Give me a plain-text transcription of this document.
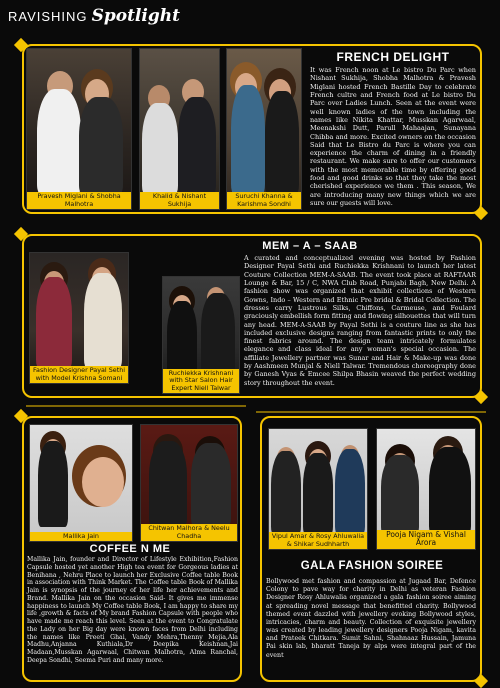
RAVISHING Spotlight
Pravesh Miglani & Shobha Malhotra
Khalid & Nishant Sukhija
Suruchi Khanna & Karishma Sondhi
FRENCH DELIGHT
It was French noon at Le bistro Du Parc when Nishant Sukhija, Shobha Malhotra & Pravesh Miglani hosted French Bastille Day to celebrate French cultre and French food at Le bistro Du Parc over Ladies Lunch. Seen at the event were well known ladies of the town including the names like Nikita Khattar, Musskan Agarwaal, Meenakshi Dutt, Parull Mahaajan, Sunayana Chibba and more. Excited owners on the occasion Said that Le Bistro du Parc is where you can experience the charm of dining in a friendly restaurant. We make sure to offer our customers with the most memorable time by offering good food and good drinks so that they take the most cherished experience we them . This season, We are introducing many new things which we are sure our guests will love.
MEM – A – SAAB
A curated and conceptualized evening was hosted by Fashion Designer Payal Sethi and Ruchiekka Krishnani to launch her latest Couture Collection MEM-A-SAAB. The event took place at RAFTAAR Lounge & Bar, 15 / C, NWA Club Road, Punjabi Bagh, New Delhi. A fashion show was organized that exhibit collections of Western Gowns, Indo – Western and Ethnic Pre bridal & Bridal Collection. The dresses carry Lustrous Silks, Chiffons, Carmeuse, and Foulard graciously embellish form fitting and flowing silhouettes that will turn any head. MEM-A-SAAB by Payal Sethi is a couture line as she has included exclusive designs ranging from fantastic prints to only the finest fabrics around. The design team intricately formulates elegance and class ideal for any woman's special occasion. The affiliate Jewellery partner was Sunar and Hair & Make-up was done by Aashmeen Munjal & Niell Talwar. Tremendous choreography done by Ganesh Vyas & Emcee Shilpa Bhasin weaved the perfect wedding story throughout the event.
Fashion Designer Payal Sethi with Model Krishna Somani
Ruchiekka Krishnani with Star Salon Hair Expert Niell Talwar
Mallika Jain
Chitwan Malhora & Neelu Chadha
COFFEE N ME
Mallika Jain, founder and Director of Lifestyle Exhibition,Fashion Capsule hosted yet another High tea event for Gorgeous ladies at Benihana , Nehru Place to launch her Exclusive Coffee table Book in association with Think Market. The Coffee table Book of Mallika Jain is synopsis of the journey of her life her achievements and Brand. Mallika Jain on the occasion Said- It gives me immense happiness to launch My Coffee table Book, I am happy to share my life ,growth & facts of My brand Fashion Capsule with people who have made me reach this level. Seen at the event to Congratulate the Lady on her Big day were known faces from Delhi including the names like Preeti Ghai, Vandy Mehra,Thenny Mejia,Ala Madhu,Anjanna Kuthiala,Dr Deepika Keishnan,Jai Madaan,Musskan Agarwaal, Chitwan Malhotra, Alma Ranchal, Deepa Sondhi, Seema Puri and many more.
Vipul Amar & Rosy Ahluwalia & Shikar Sudhharth
Pooja Nigam & Vishal Arora
GALA FASHION SOIREE
Bollywood met fashion and compassion at Jugaad Bar, Defence Colony to pave way for charity in Delhi as veteran Fashion Designer Rosy Ahluwalia organized a gala fashion soiree aiming at spreading novel message that benefitted charity. Bollywood themed event dazzled with jewellery evoking Bollywood styles, intricacies, charm and beauty. Collection of exquisite jewellery was created by leading jewellery designers Pooja Nigam, kavita and Prateek Chitkara. Sumit Sahni, Shahnaaz Hussain, Jamuna Pai skin lab, bharatt Taneja by alps were integral part of the event
